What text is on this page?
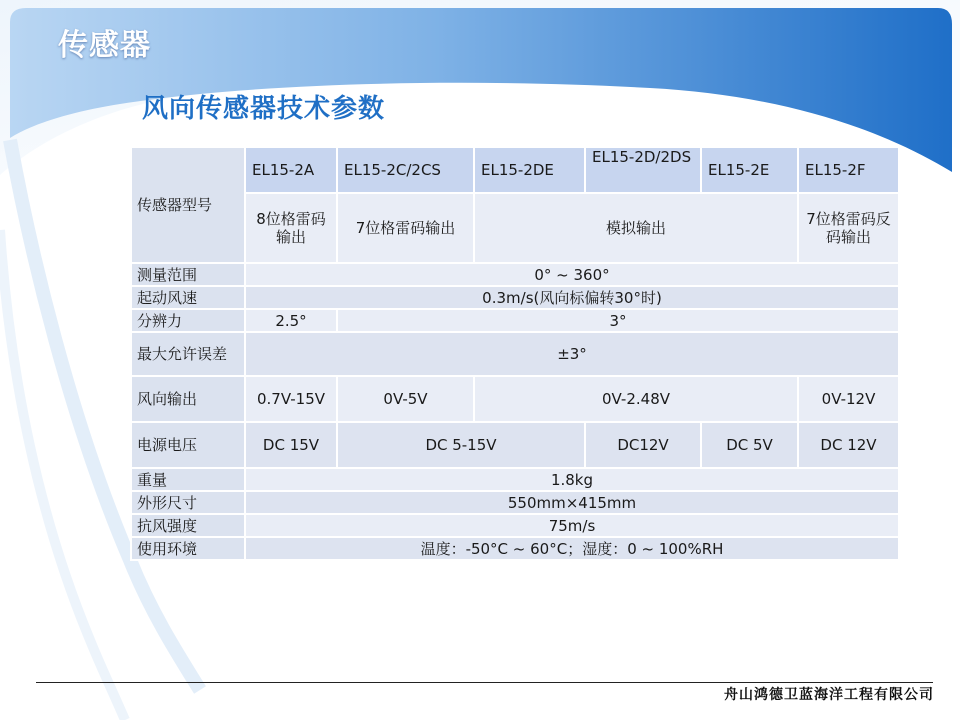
传感器
风向传感器技术参数
传感器型号	EL15-2A	EL15-2C/2CS	EL15-2DE	EL15-2D/2DS	EL15-2E	EL15-2F
	8位格雷码输出	7位格雷码输出	模拟输出			7位格雷码反码输出
测量范围	0° ~ 360°					
起动风速	0.3m/s(风向标偏转30°时)					
分辨力	2.5°	3°				
最大允许误差	±3°					
风向输出	0.7V-15V	0V-5V	0V-2.48V			0V-12V
电源电压	DC 15V	DC 5-15V		DC12V	DC 5V	DC 12V
重量	1.8kg					
外形尺寸	550mm×415mm					
抗风强度	75m/s					
使用环境	温度：-50°C ~ 60°C；湿度：0 ~ 100%RH					
舟山鸿德卫蓝海洋工程有限公司
